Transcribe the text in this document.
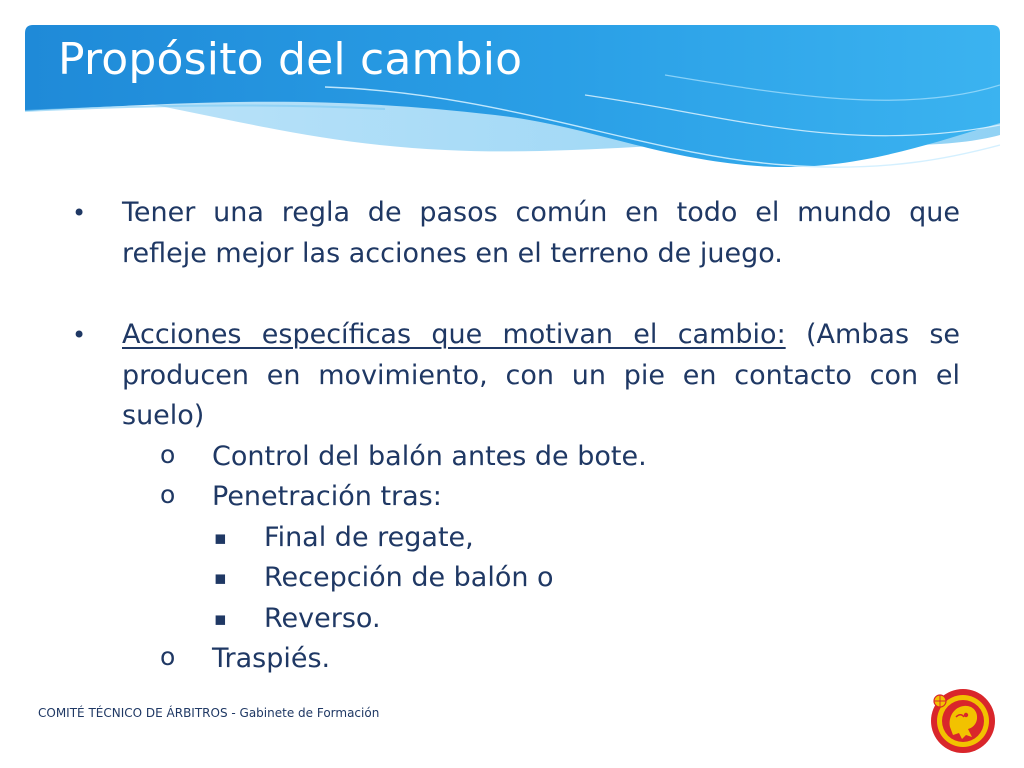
Propósito del cambio
• Tener una regla de pasos común en todo el mundo que refleje mejor las acciones en el terreno de juego.
• Acciones específicas que motivan el cambio: (Ambas se producen en movimiento, con un pie en contacto con el suelo)
o Control del balón antes de bote.
o Penetración tras:
▪ Final de regate,
▪ Recepción de balón o
▪ Reverso.
o Traspiés.
COMITÉ TÉCNICO DE ÁRBITROS - Gabinete de Formación
